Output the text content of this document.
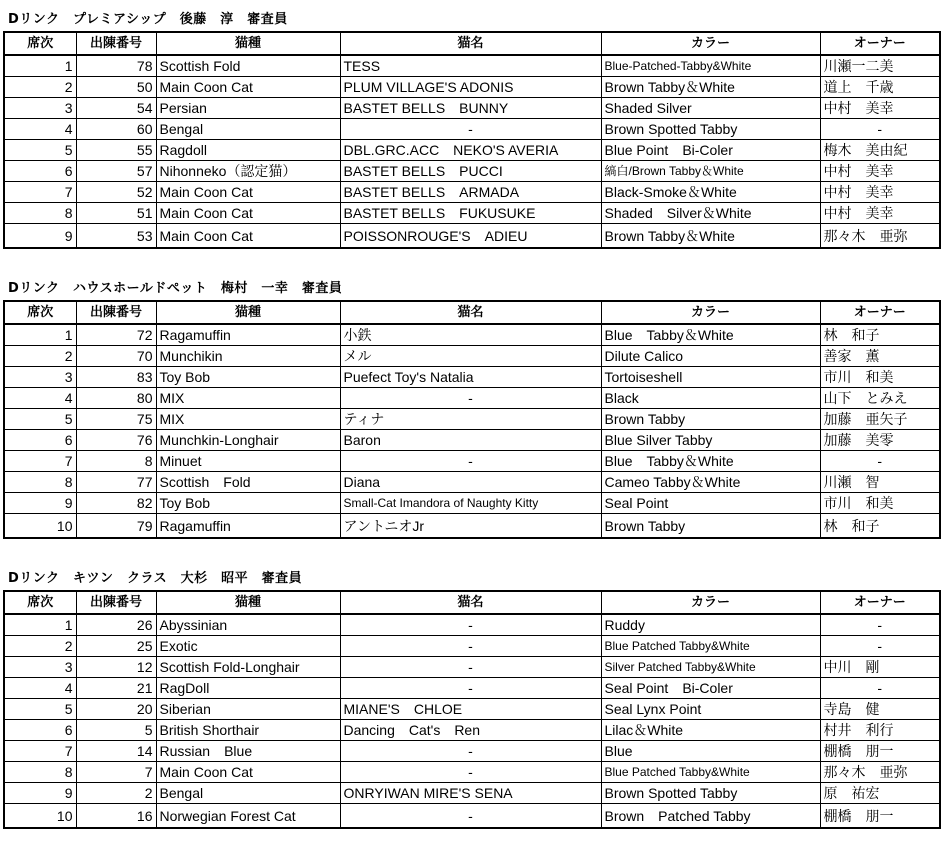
Dリンク　プレミアシップ　後藤　淳　審査員
席次	出陳番号	猫種	猫名	カラー	オーナー
1	78	Scottish Fold	TESS	Blue-Patched-Tabby&White	川瀬一二美
2	50	Main Coon Cat	PLUM VILLAGE'S ADONIS	Brown Tabby＆White	道上　千歳
3	54	Persian	BASTET BELLS　BUNNY	Shaded Silver	中村　美幸
4	60	Bengal	-	Brown Spotted Tabby	-
5	55	Ragdoll	DBL.GRC.ACC　NEKO'S AVERIA	Blue Point　Bi-Coler	梅木　美由紀
6	57	Nihonneko（認定猫）	BASTET BELLS　PUCCI	縞白/Brown Tabby＆White	中村　美幸
7	52	Main Coon Cat	BASTET BELLS　ARMADA	Black-Smoke＆White	中村　美幸
8	51	Main Coon Cat	BASTET BELLS　FUKUSUKE	Shaded　Silver＆White	中村　美幸
9	53	Main Coon Cat	POISSONROUGE'S　ADIEU	Brown Tabby＆White	那々木　亜弥
Dリンク　ハウスホールドペット　梅村　一幸　審査員
席次	出陳番号	猫種	猫名	カラー	オーナー
1	72	Ragamuffin	小鉄	Blue　Tabby＆White	林　和子
2	70	Munchikin	メル	Dilute Calico	善家　薫
3	83	Toy Bob	Puefect Toy's Natalia	Tortoiseshell	市川　和美
4	80	MIX	-	Black	山下　とみえ
5	75	MIX	ティナ	Brown Tabby	加藤　亜矢子
6	76	Munchkin-Longhair	Baron	Blue Silver Tabby	加藤　美零
7	8	Minuet	-	Blue　Tabby＆White	-
8	77	Scottish　Fold	Diana	Cameo Tabby＆White	川瀬　智
9	82	Toy Bob	Small-Cat Imandora of Naughty Kitty	Seal Point	市川　和美
10	79	Ragamuffin	アントニオJr	Brown Tabby	林　和子
Dリンク　キツン　クラス　大杉　昭平　審査員
席次	出陳番号	猫種	猫名	カラー	オーナー
1	26	Abyssinian	-	Ruddy	-
2	25	Exotic	-	Blue Patched Tabby&White	-
3	12	Scottish Fold-Longhair	-	Silver Patched Tabby&White	中川　剛
4	21	RagDoll	-	Seal Point　Bi-Coler	-
5	20	Siberian	MIANE'S　CHLOE	Seal Lynx Point	寺島　健
6	5	British Shorthair	Dancing　Cat's　Ren	Lilac＆White	村井　利行
7	14	Russian　Blue	-	Blue	棚橋　朋一
8	7	Main Coon Cat	-	Blue Patched Tabby&White	那々木　亜弥
9	2	Bengal	ONRYIWAN MIRE'S SENA	Brown Spotted Tabby	原　祐宏
10	16	Norwegian Forest Cat	-	Brown　Patched Tabby	棚橋　朋一
